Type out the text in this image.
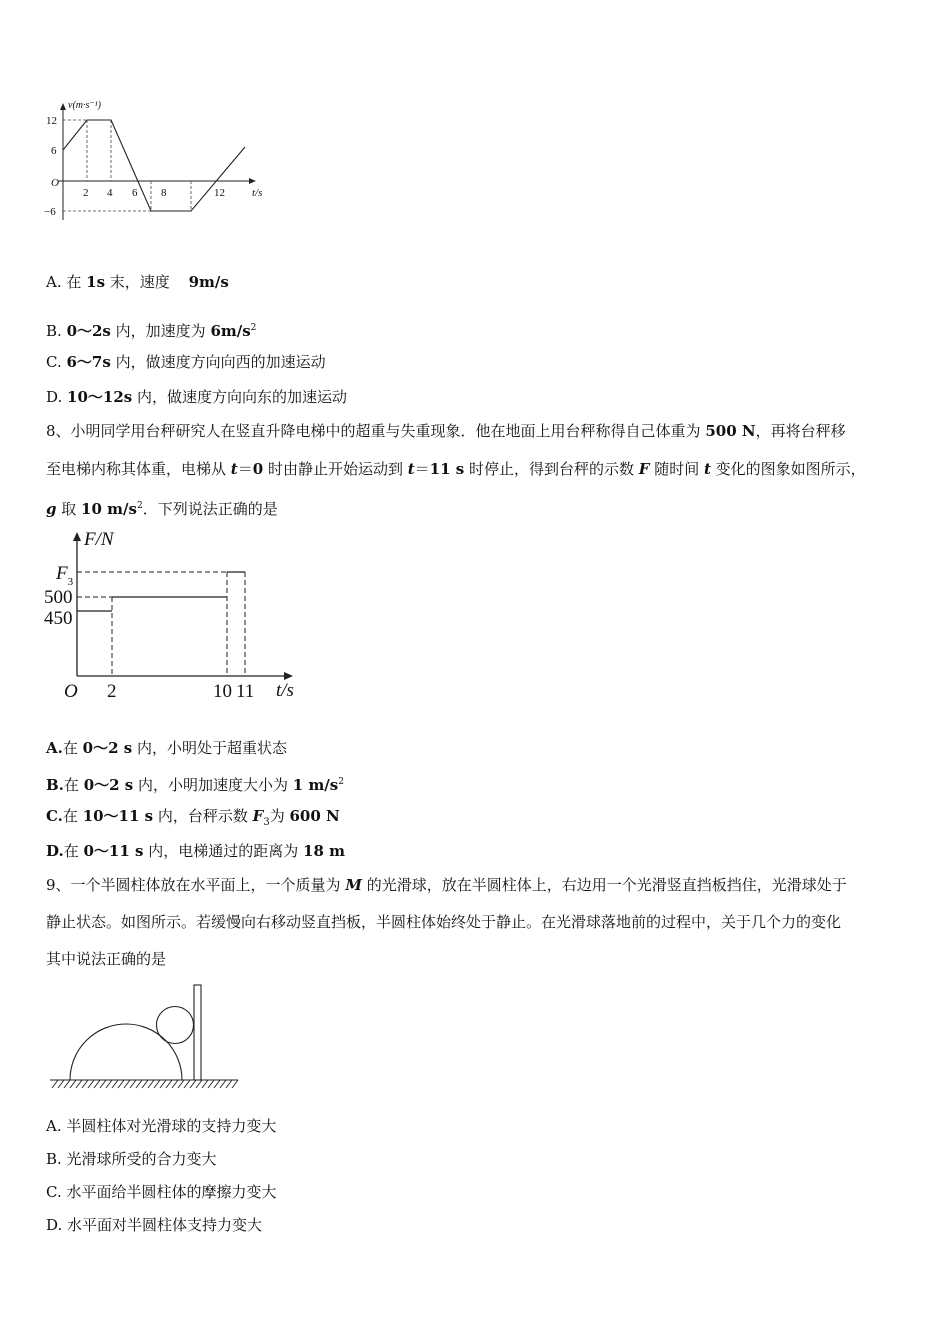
v(m·s⁻¹)
t/s
O
12
6
−6
2 4 6 8	12
A. 在 1s 末，速度 9m/s
B. 0～2s 内，加速度为 $6m/s^2$
C. 6～7s 内，做速度方向向西的加速运动
D. 10～12s 内，做速度方向向东的加速运动
8、小明同学用台秤研究人在竖直升降电梯中的超重与失重现象．他在地面上用台秤称得自己体重为 500 N，再将台秤移
至电梯内称其体重，电梯从 t＝0 时由静止开始运动到 t＝11 s 时停止，得到台秤的示数 F 随时间 t 变化的图象如图所示，
g 取 10 $m/s^2$．下列说法正确的是
F/N
t/s
O
$F_3$
500
450
2	10 11
A.在 0～2 s 内，小明处于超重状态
B.在 0～2 s 内，小明加速度大小为 1 $m/s^2$
C.在 10～11 s 内，台秤示数 $F_3$为 600 N
D.在 0～11 s 内，电梯通过的距离为 18 m
9、一个半圆柱体放在水平面上，一个质量为 M 的光滑球，放在半圆柱体上，右边用一个光滑竖直挡板挡住，光滑球处于
静止状态。如图所示。若缓慢向右移动竖直挡板，半圆柱体始终处于静止。在光滑球落地前的过程中，关于几个力的变化
其中说法正确的是
A. 半圆柱体对光滑球的支持力变大
B. 光滑球所受的合力变大
C. 水平面给半圆柱体的摩擦力变大
D. 水平面对半圆柱体支持力变大
